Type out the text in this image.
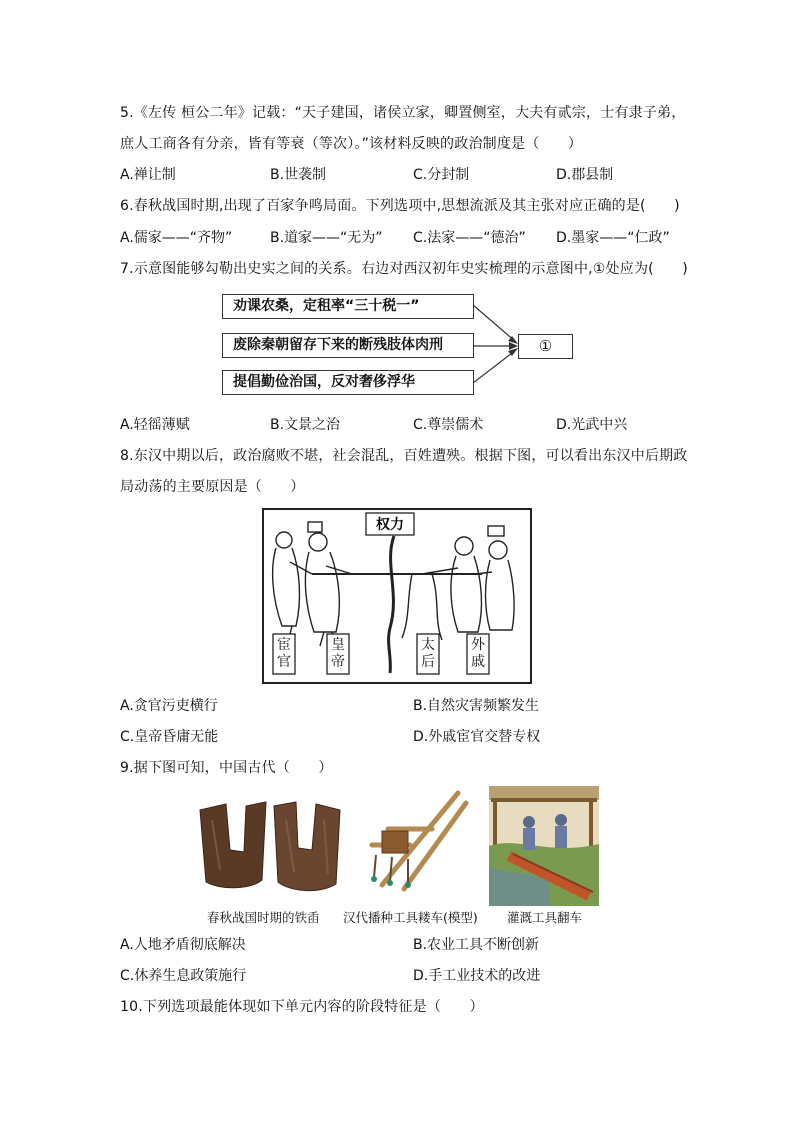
5.《左传 桓公二年》记载：“天子建国，诸侯立家，卿置侧室，大夫有贰宗，士有隶子弟，
庶人工商各有分亲，皆有等衰（等次）。”该材料反映的政治制度是（　　）
A.禅让制	B.世袭制	C.分封制	D.郡县制
6.春秋战国时期,出现了百家争鸣局面。下列选项中,思想流派及其主张对应正确的是(　　)
A.儒家——“齐物”	B.道家——“无为” C.法家——“德治” D.墨家——“仁政”
7.示意图能够勾勒出史实之间的关系。右边对西汉初年史实梳理的示意图中,①处应为(　　)
劝课农桑，定租率“三十税一”
废除秦朝留存下来的断残肢体肉刑
提倡勤俭治国，反对奢侈浮华
①
A.轻徭薄赋	B.文景之治	C.尊崇儒术	D.光武中兴
8.东汉中期以后，政治腐败不堪，社会混乱，百姓遭殃。根据下图，可以看出东汉中后期政
局动荡的主要原因是（　　）
权力
宦
官
皇
帝
太
后
外
戚
A.贪官污吏横行	B.自然灾害频繁发生
C.皇帝昏庸无能	D.外戚宦官交替专权
9.据下图可知，中国古代（　　）
春秋战国时期的铁臿 汉代播种工具耧车(模型) 灌溉工具翻车
A.人地矛盾彻底解决	B.农业工具不断创新
C.休养生息政策施行	D.手工业技术的改进
10.下列选项最能体现如下单元内容的阶段特征是（　　）
